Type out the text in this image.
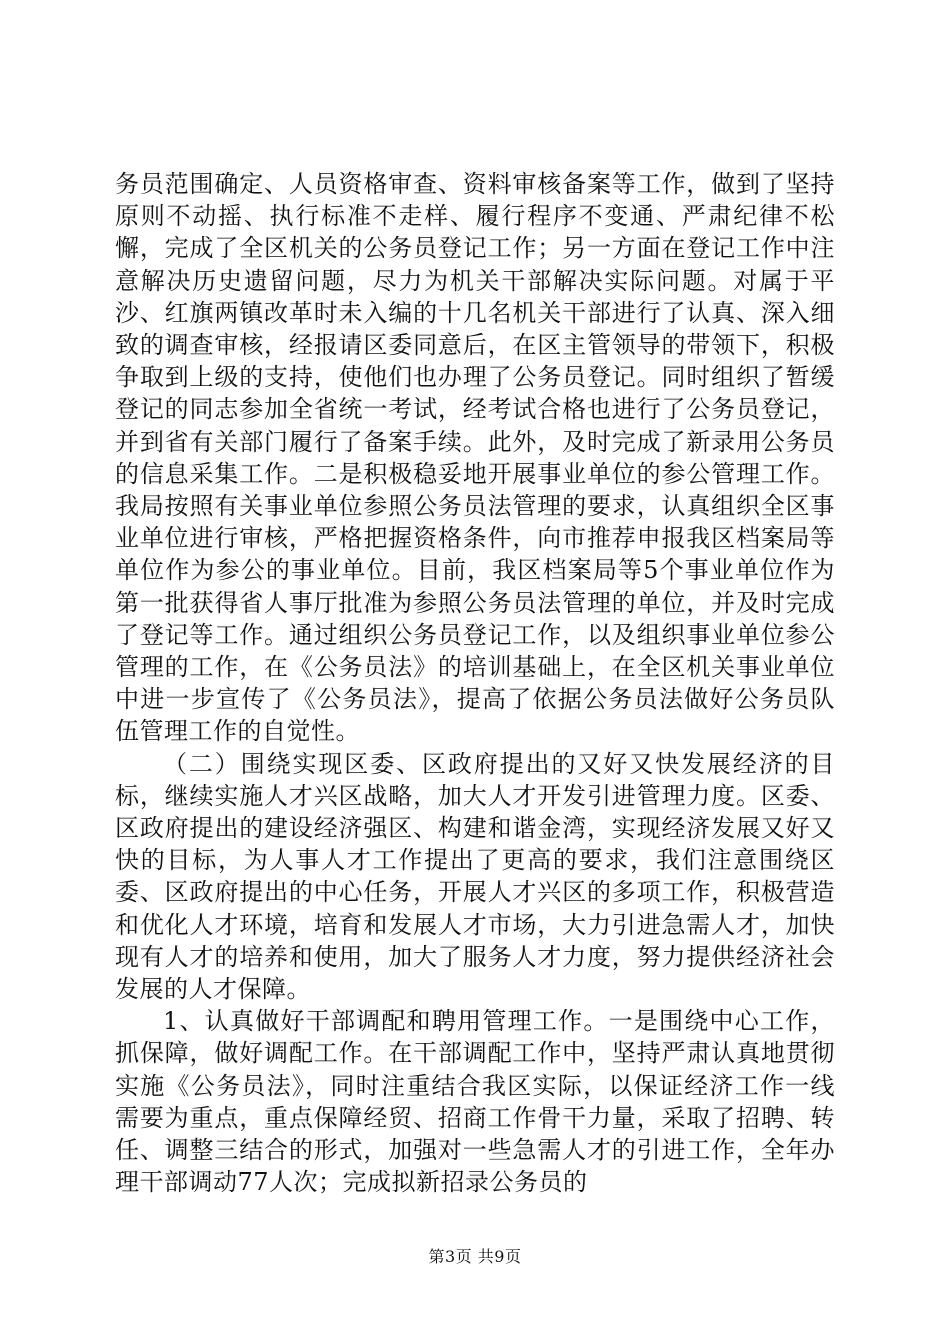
务员范围确定、人员资格审查、资料审核备案等工作，做到了坚持原则不动摇、执行标准不走样、履行程序不变通、严肃纪律不松懈，完成了全区机关的公务员登记工作；另一方面在登记工作中注意解决历史遗留问题，尽力为机关干部解决实际问题。对属于平沙、红旗两镇改革时未入编的十几名机关干部进行了认真、深入细致的调查审核，经报请区委同意后，在区主管领导的带领下，积极争取到上级的支持，使他们也办理了公务员登记。同时组织了暂缓登记的同志参加全省统一考试，经考试合格也进行了公务员登记，并到省有关部门履行了备案手续。此外，及时完成了新录用公务员的信息采集工作。二是积极稳妥地开展事业单位的参公管理工作。我局按照有关事业单位参照公务员法管理的要求，认真组织全区事业单位进行审核，严格把握资格条件，向市推荐申报我区档案局等单位作为参公的事业单位。目前，我区档案局等5个事业单位作为第一批获得省人事厅批准为参照公务员法管理的单位，并及时完成了登记等工作。通过组织公务员登记工作，以及组织事业单位参公管理的工作，在《公务员法》的培训基础上，在全区机关事业单位中进一步宣传了《公务员法》，提高了依据公务员法做好公务员队伍管理工作的自觉性。

（二）围绕实现区委、区政府提出的又好又快发展经济的目标，继续实施人才兴区战略，加大人才开发引进管理力度。区委、区政府提出的建设经济强区、构建和谐金湾，实现经济发展又好又快的目标，为人事人才工作提出了更高的要求，我们注意围绕区委、区政府提出的中心任务，开展人才兴区的多项工作，积极营造和优化人才环境，培育和发展人才市场，大力引进急需人才，加快现有人才的培养和使用，加大了服务人才力度，努力提供经济社会发展的人才保障。

1、认真做好干部调配和聘用管理工作。一是围绕中心工作，抓保障，做好调配工作。在干部调配工作中，坚持严肃认真地贯彻实施《公务员法》，同时注重结合我区实际，以保证经济工作一线需要为重点，重点保障经贸、招商工作骨干力量，采取了招聘、转任、调整三结合的形式，加强对一些急需人才的引进工作，全年办理干部调动77人次；完成拟新招录公务员的

第3页 共9页
